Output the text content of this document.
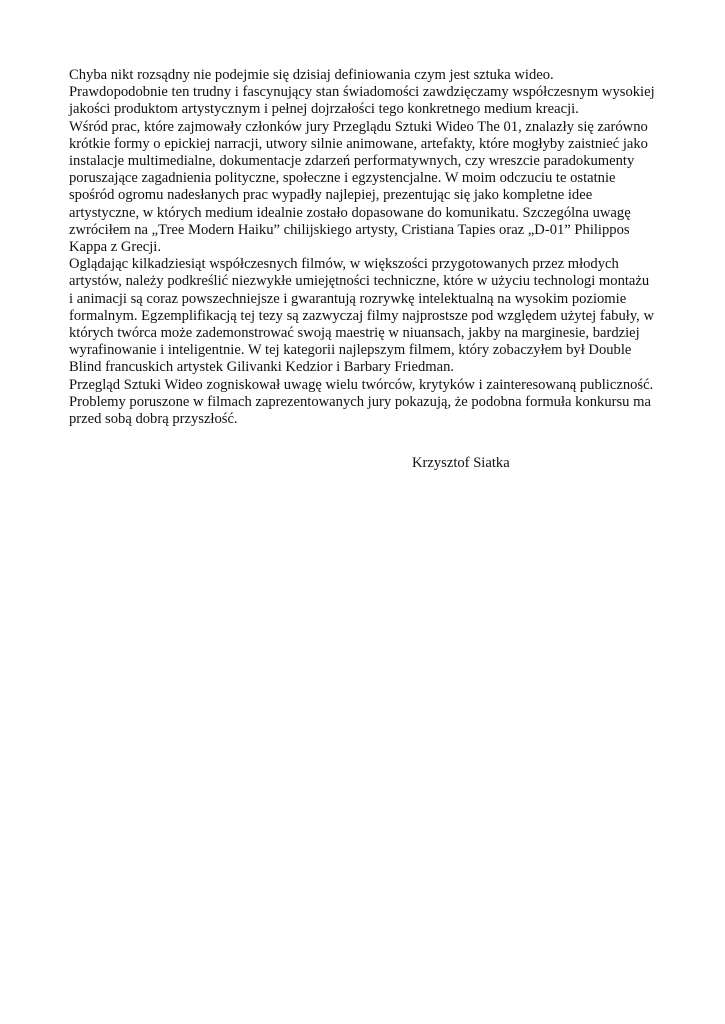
Chyba nikt rozsądny nie podejmie się dzisiaj definiowania czym jest sztuka wideo.
Prawdopodobnie ten trudny i fascynujący stan świadomości zawdzięczamy współczesnym wysokiej
jakości produktom artystycznym i pełnej dojrzałości tego konkretnego medium kreacji.
Wśród prac, które zajmowały członków jury Przeglądu Sztuki Wideo The 01, znalazły się zarówno
krótkie formy o epickiej narracji, utwory silnie animowane, artefakty, które mogłyby zaistnieć jako
instalacje multimedialne, dokumentacje zdarzeń performatywnych, czy wreszcie paradokumenty
poruszające zagadnienia polityczne, społeczne i egzystencjalne. W moim odczuciu te ostatnie
spośród ogromu nadesłanych prac wypadły najlepiej, prezentując się jako kompletne idee
artystyczne, w których medium idealnie zostało dopasowane do komunikatu. Szczególna uwagę
zwróciłem na „Tree Modern Haiku” chilijskiego artysty, Cristiana Tapies oraz „D-01” Philippos
Kappa z Grecji.
Oglądając kilkadziesiąt współczesnych filmów, w większości przygotowanych przez młodych
artystów, należy podkreślić niezwykłe umiejętności techniczne, które w użyciu technologi montażu
i animacji są coraz powszechniejsze i gwarantują rozrywkę intelektualną na wysokim poziomie
formalnym. Egzemplifikacją tej tezy są zazwyczaj filmy najprostsze pod względem użytej fabuły, w
których twórca może zademonstrować swoją maestrię w niuansach, jakby na marginesie, bardziej
wyrafinowanie i inteligentnie. W tej kategorii najlepszym filmem, który zobaczyłem był Double
Blind francuskich artystek Gilivanki Kedzior i Barbary Friedman.
Przegląd Sztuki Wideo zogniskował uwagę wielu twórców, krytyków i zainteresowaną publiczność.
Problemy poruszone w filmach zaprezentowanych jury pokazują, że podobna formuła konkursu ma
przed sobą dobrą przyszłość.
Krzysztof Siatka
